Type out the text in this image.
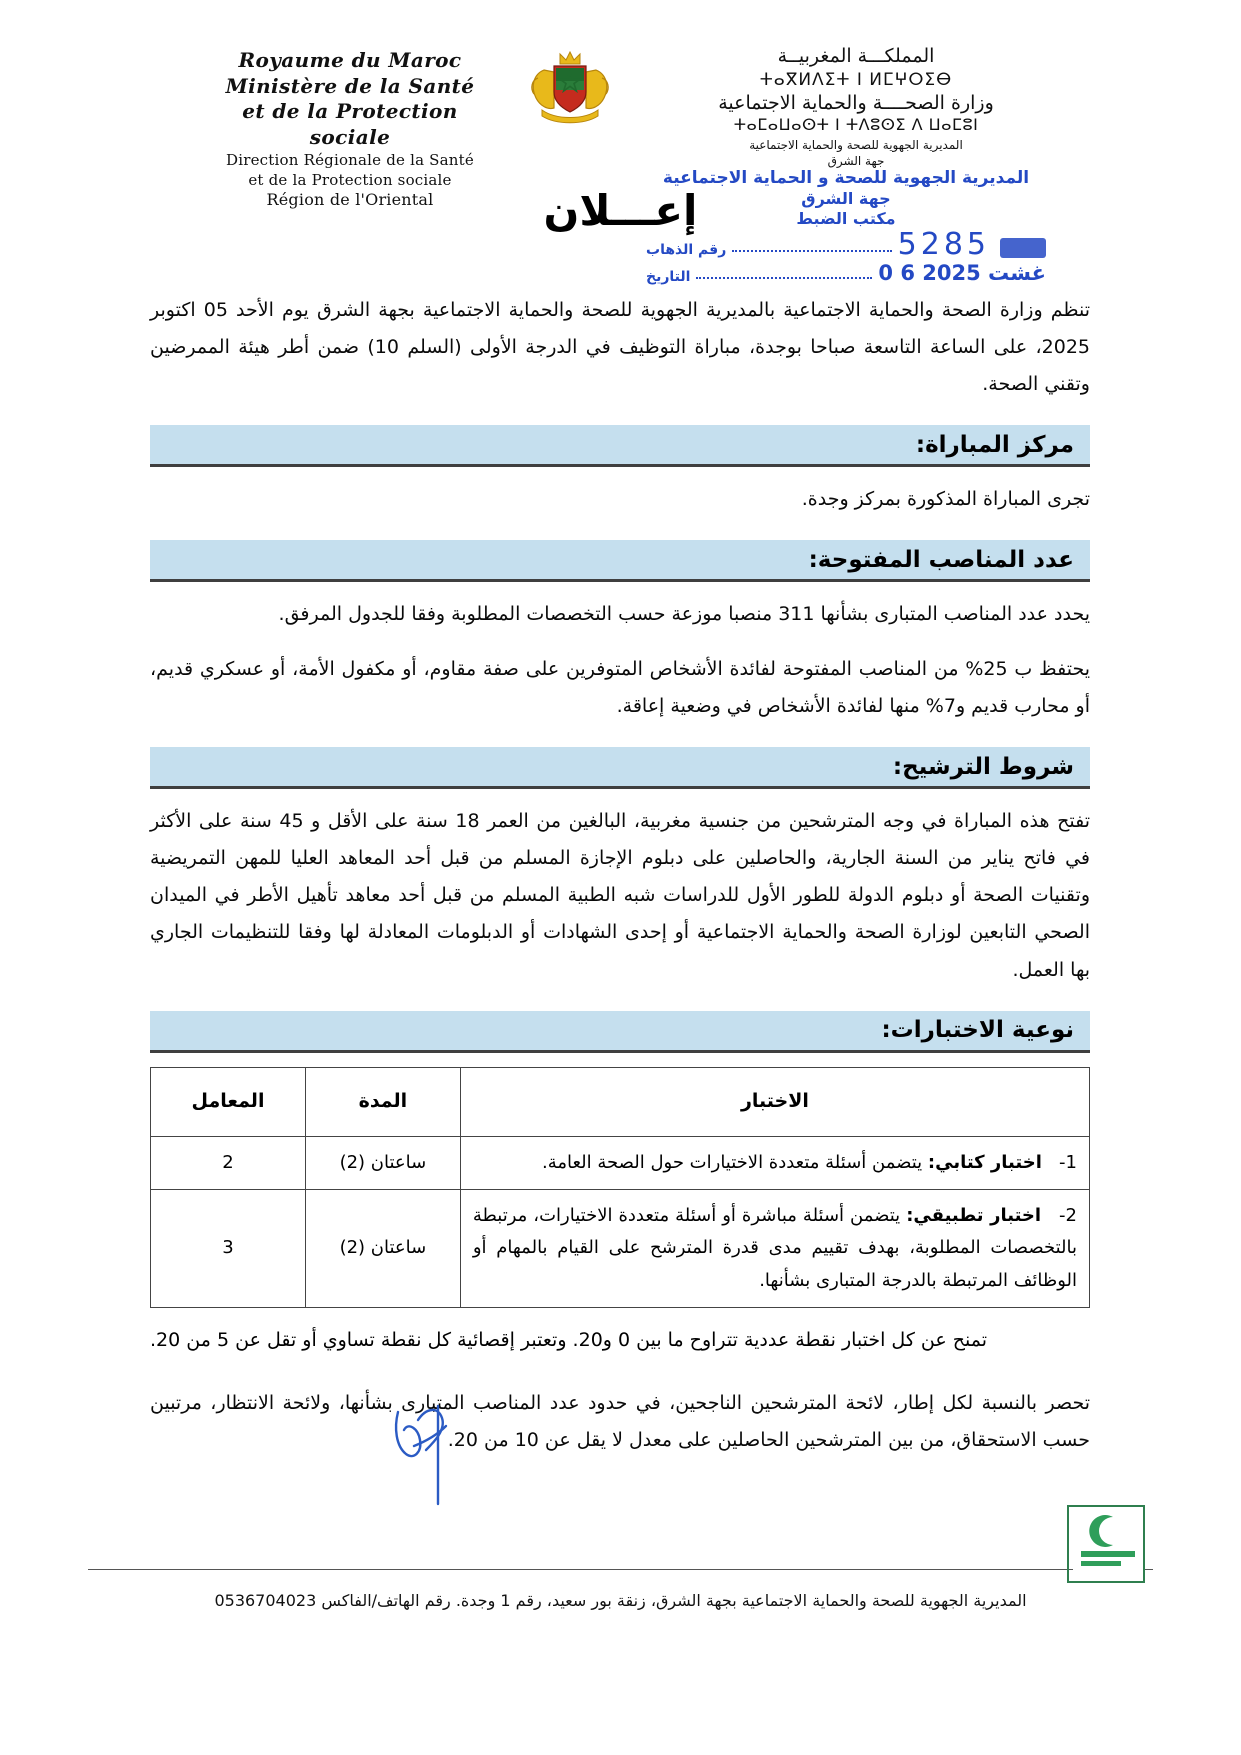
Royaume du Maroc
Ministère de la Santé
et de la Protection sociale
Direction Régionale de la Santé
et de la Protection sociale
Région de l'Oriental
المملكـــة المغربيــة
ⵜⴰⴳⵍⴷⵉⵜ ⵏ ⵍⵎⵖⵔⵉⴱ
وزارة الصحــــة والحماية الاجتماعية
ⵜⴰⵎⴰⵡⴰⵙⵜ ⵏ ⵜⴷⵓⵙⵉ ⴷ ⵡⴰⵎⵓⵏ
المديرية الجهوية للصحة والحماية الاجتماعية
جهة الشرق
المديرية الجهوية للصحة و الحماية الاجتماعية
جهة الشرق
مكتب الضبط
5285
رقم الذهاب
0 6 غشت 2025
التاريخ
إعـــلان

تنظم وزارة الصحة والحماية الاجتماعية بالمديرية الجهوية للصحة والحماية الاجتماعية بجهة الشرق يوم الأحد 05 اكتوبر 2025، على الساعة التاسعة صباحا بوجدة، مباراة التوظيف في الدرجة الأولى (السلم 10) ضمن أطر هيئة الممرضين وتقني الصحة.

مركز المباراة:

تجرى المباراة المذكورة بمركز وجدة.

عدد المناصب المفتوحة:

يحدد عدد المناصب المتبارى بشأنها 311 منصبا موزعة حسب التخصصات المطلوبة وفقا للجدول المرفق.

يحتفظ ب 25% من المناصب المفتوحة لفائدة الأشخاص المتوفرين على صفة مقاوم، أو مكفول الأمة، أو عسكري قديم، أو محارب قديم و7% منها لفائدة الأشخاص في وضعية إعاقة.

شروط الترشيح:

تفتح هذه المباراة في وجه المترشحين من جنسية مغربية، البالغين من العمر 18 سنة على الأقل و 45 سنة على الأكثر في فاتح يناير من السنة الجارية، والحاصلين على دبلوم الإجازة المسلم من قبل أحد المعاهد العليا للمهن التمريضية وتقنيات الصحة أو دبلوم الدولة للطور الأول للدراسات شبه الطبية المسلم من قبل أحد معاهد تأهيل الأطر في الميدان الصحي التابعين لوزارة الصحة والحماية الاجتماعية أو إحدى الشهادات أو الدبلومات المعادلة لها وفقا للتنظيمات الجاري بها العمل.

نوعية الاختبارات:
الاختبار	المدة	المعامل
1-   اختبار كتابي: يتضمن أسئلة متعددة الاختيارات حول الصحة العامة.	ساعتان (2)	2
2-   اختبار تطبيقي: يتضمن أسئلة مباشرة أو أسئلة متعددة الاختيارات، مرتبطة بالتخصصات المطلوبة، بهدف تقييم مدى قدرة المترشح على القيام بالمهام أو الوظائف المرتبطة بالدرجة المتبارى بشأنها.	ساعتان (2)	3

تمنح عن كل اختبار نقطة عددية تتراوح ما بين 0 و20. وتعتبر إقصائية كل نقطة تساوي أو تقل عن 5 من 20.

تحصر بالنسبة لكل إطار، لائحة المترشحين الناجحين، في حدود عدد المناصب المتبارى بشأنها، ولائحة الانتظار، مرتبين حسب الاستحقاق، من بين المترشحين الحاصلين على معدل لا يقل عن 10 من 20.

المديرية الجهوية للصحة والحماية الاجتماعية بجهة الشرق، زنقة بور سعيد، رقم 1 وجدة. رقم الهاتف/الفاكس 0536704023
